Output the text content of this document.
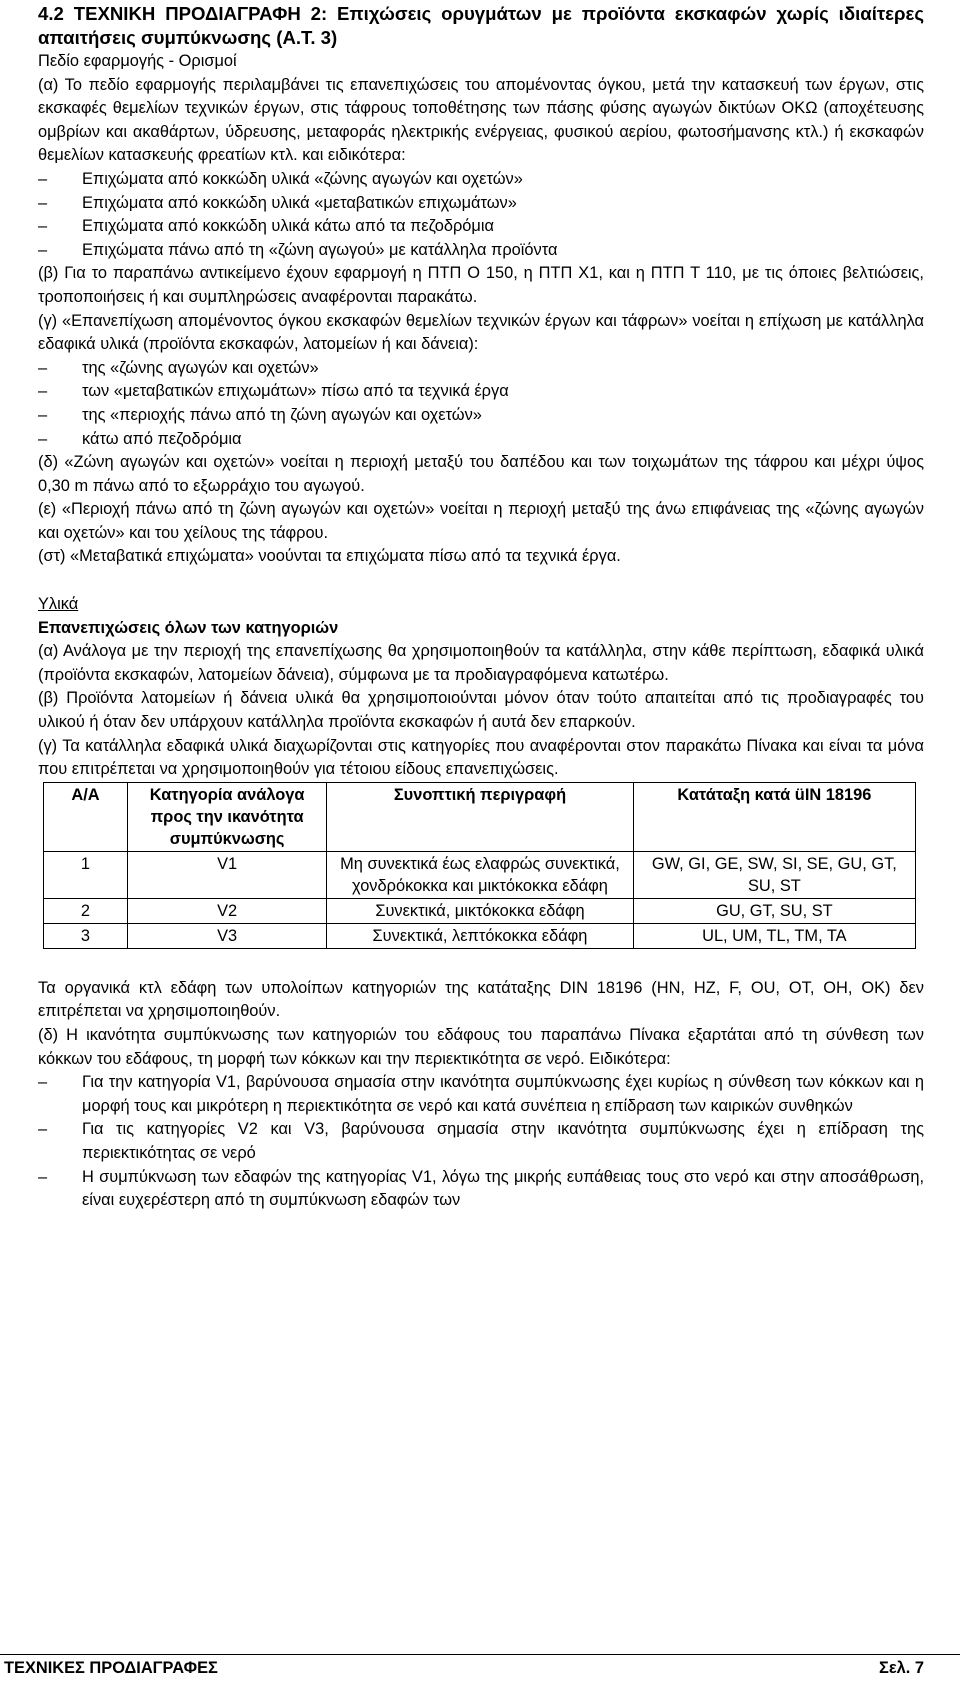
4.2 ΤΕΧΝΙΚΗ ΠΡΟΔΙΑΓΡΑΦΗ 2: Επιχώσεις ορυγμάτων με προϊόντα εκσκαφών χωρίς ιδιαίτερες απαιτήσεις συμπύκνωσης (Α.Τ. 3)

Πεδίο εφαρμογής - Ορισμοί

(α) Το πεδίο εφαρμογής περιλαμβάνει τις επανεπιχώσεις του απομένοντας όγκου, μετά την κατασκευή των έργων, στις εκσκαφές θεμελίων τεχνικών έργων, στις τάφρους τοποθέτησης των πάσης φύσης αγωγών δικτύων ΟΚΩ (αποχέτευσης ομβρίων και ακαθάρτων, ύδρευσης, μεταφοράς ηλεκτρικής ενέργειας, φυσικού αερίου, φωτοσήμανσης κτλ.) ή εκσκαφών θεμελίων κατασκευής φρεατίων κτλ. και ειδικότερα:

–	Επιχώματα από κοκκώδη υλικά «ζώνης αγωγών και οχετών»
–	Επιχώματα από κοκκώδη υλικά «μεταβατικών επιχωμάτων»
–	Επιχώματα από κοκκώδη υλικά κάτω από τα πεζοδρόμια
–	Επιχώματα πάνω από τη «ζώνη αγωγού» με κατάλληλα προϊόντα

(β) Για το παραπάνω αντικείμενο έχουν εφαρμογή η ΠΤΠ Ο 150, η ΠΤΠ Χ1, και η ΠΤΠ Τ 110, με τις όποιες βελτιώσεις, τροποποιήσεις ή και συμπληρώσεις αναφέρονται παρακάτω.

(γ) «Επανεπίχωση απομένοντος όγκου εκσκαφών θεμελίων τεχνικών έργων και τάφρων» νοείται η επίχωση με κατάλληλα εδαφικά υλικά (προϊόντα εκσκαφών, λατομείων ή και δάνεια):

–	της «ζώνης αγωγών και οχετών»
–	των «μεταβατικών επιχωμάτων» πίσω από τα τεχνικά έργα
–	της «περιοχής πάνω από τη ζώνη αγωγών και οχετών»
–	κάτω από πεζοδρόμια

(δ) «Ζώνη αγωγών και οχετών» νοείται η περιοχή μεταξύ του δαπέδου και των τοιχωμάτων της τάφρου και μέχρι ύψος 0,30 m πάνω από το εξωρράχιο του αγωγού.

(ε) «Περιοχή πάνω από τη ζώνη αγωγών και οχετών» νοείται η περιοχή μεταξύ της άνω επιφάνειας της «ζώνης αγωγών και οχετών» και του χείλους της τάφρου.

(στ) «Μεταβατικά επιχώματα» νοούνται τα επιχώματα πίσω από τα τεχνικά έργα.

Υλικά

Επανεπιχώσεις όλων των κατηγοριών

(α) Ανάλογα με την περιοχή της επανεπίχωσης θα χρησιμοποιηθούν τα κατάλληλα, στην κάθε περίπτωση, εδαφικά υλικά (προϊόντα εκσκαφών, λατομείων δάνεια), σύμφωνα με τα προδιαγραφόμενα κατωτέρω.

(β) Προϊόντα λατομείων ή δάνεια υλικά θα χρησιμοποιούνται μόνον όταν τούτο απαιτείται από τις προδιαγραφές του υλικού ή όταν δεν υπάρχουν κατάλληλα προϊόντα εκσκαφών ή αυτά δεν επαρκούν.

(γ) Τα κατάλληλα εδαφικά υλικά διαχωρίζονται στις κατηγορίες που αναφέρονται στον παρακάτω Πίνακα και είναι τα μόνα που επιτρέπεται να χρησιμοποιηθούν για τέτοιου είδους επανεπιχώσεις.

Α/Α	Κατηγορία ανάλογα προς την ικανότητα συμπύκνωσης	Συνοπτική περιγραφή	Κατάταξη κατά üIN 18196
1	V1	Μη συνεκτικά έως ελαφρώς συνεκτικά, χονδρόκοκκα και μικτόκοκκα εδάφη	GW, GI, GE, SW, SI, SE, GU, GT, SU, ST
2	V2	Συνεκτικά, μικτόκοκκα εδάφη	GU, GT, SU, ST
3	V3	Συνεκτικά, λεπτόκοκκα εδάφη	UL, UM, TL, TM, TA

Τα οργανικά κτλ εδάφη των υπολοίπων κατηγοριών της κατάταξης DIN 18196 (HN, HZ, F, OU, OT, OH, OK) δεν επιτρέπεται να χρησιμοποιηθούν.

(δ) Η ικανότητα συμπύκνωσης των κατηγοριών του εδάφους του παραπάνω Πίνακα εξαρτάται από τη σύνθεση των κόκκων του εδάφους, τη μορφή των κόκκων και την περιεκτικότητα σε νερό. Ειδικότερα:

–	Για την κατηγορία V1, βαρύνουσα σημασία στην ικανότητα συμπύκνωσης έχει κυρίως η σύνθεση των κόκκων και η μορφή τους και μικρότερη η περιεκτικότητα σε νερό και κατά συνέπεια η επίδραση των καιρικών συνθηκών
–	Για τις κατηγορίες V2 και V3, βαρύνουσα σημασία στην ικανότητα συμπύκνωσης έχει η επίδραση της περιεκτικότητας σε νερό
–	Η συμπύκνωση των εδαφών της κατηγορίας V1, λόγω της μικρής ευπάθειας τους στο νερό και στην αποσάθρωση, είναι ευχερέστερη από τη συμπύκνωση εδαφών των
ΤΕΧΝΙΚΕΣ ΠΡΟΔΙΑΓΡΑΦΕΣ	Σελ. 7
